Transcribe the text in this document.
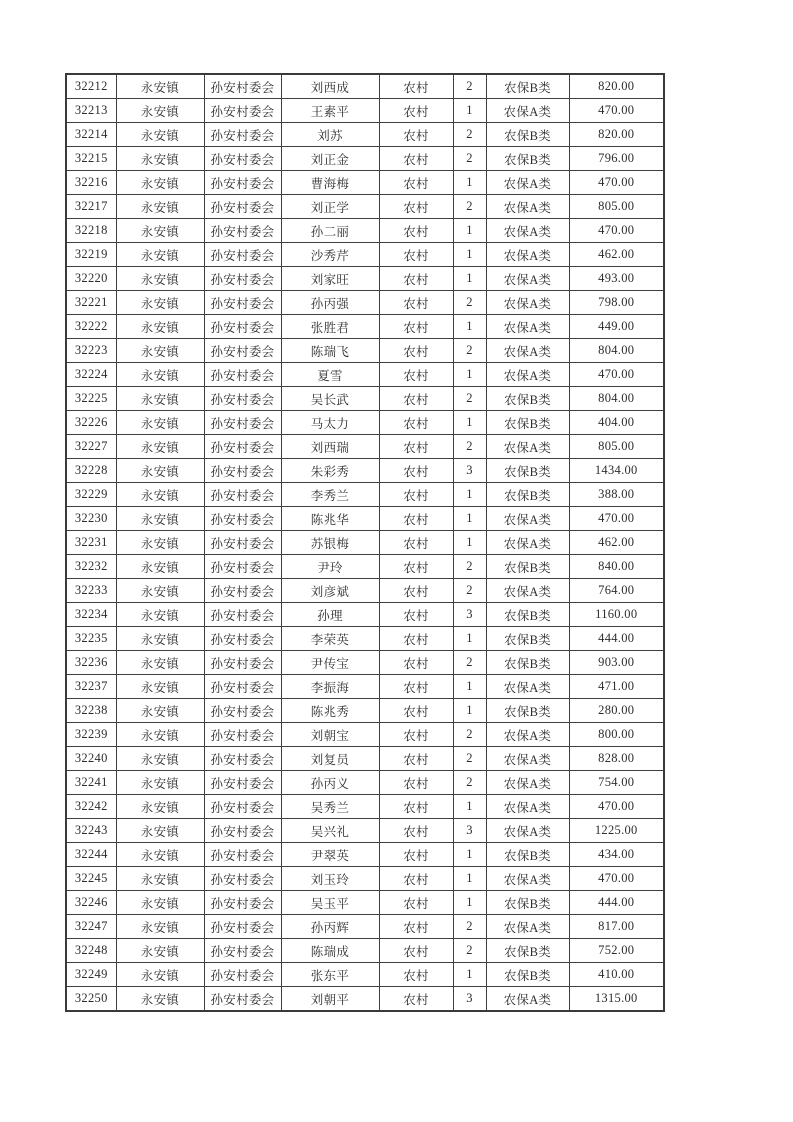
32212	永安镇	孙安村委会	刘西成	农村	2	农保B类	820.00
32213	永安镇	孙安村委会	王素平	农村	1	农保A类	470.00
32214	永安镇	孙安村委会	刘苏	农村	2	农保B类	820.00
32215	永安镇	孙安村委会	刘正金	农村	2	农保B类	796.00
32216	永安镇	孙安村委会	曹海梅	农村	1	农保A类	470.00
32217	永安镇	孙安村委会	刘正学	农村	2	农保A类	805.00
32218	永安镇	孙安村委会	孙二丽	农村	1	农保A类	470.00
32219	永安镇	孙安村委会	沙秀芹	农村	1	农保A类	462.00
32220	永安镇	孙安村委会	刘家旺	农村	1	农保A类	493.00
32221	永安镇	孙安村委会	孙丙强	农村	2	农保A类	798.00
32222	永安镇	孙安村委会	张胜君	农村	1	农保A类	449.00
32223	永安镇	孙安村委会	陈瑞飞	农村	2	农保A类	804.00
32224	永安镇	孙安村委会	夏雪	农村	1	农保A类	470.00
32225	永安镇	孙安村委会	吴长武	农村	2	农保B类	804.00
32226	永安镇	孙安村委会	马太力	农村	1	农保B类	404.00
32227	永安镇	孙安村委会	刘西瑞	农村	2	农保A类	805.00
32228	永安镇	孙安村委会	朱彩秀	农村	3	农保B类	1434.00
32229	永安镇	孙安村委会	李秀兰	农村	1	农保B类	388.00
32230	永安镇	孙安村委会	陈兆华	农村	1	农保A类	470.00
32231	永安镇	孙安村委会	苏银梅	农村	1	农保A类	462.00
32232	永安镇	孙安村委会	尹玲	农村	2	农保B类	840.00
32233	永安镇	孙安村委会	刘彦斌	农村	2	农保A类	764.00
32234	永安镇	孙安村委会	孙理	农村	3	农保B类	1160.00
32235	永安镇	孙安村委会	李荣英	农村	1	农保B类	444.00
32236	永安镇	孙安村委会	尹传宝	农村	2	农保B类	903.00
32237	永安镇	孙安村委会	李振海	农村	1	农保A类	471.00
32238	永安镇	孙安村委会	陈兆秀	农村	1	农保B类	280.00
32239	永安镇	孙安村委会	刘朝宝	农村	2	农保A类	800.00
32240	永安镇	孙安村委会	刘复员	农村	2	农保A类	828.00
32241	永安镇	孙安村委会	孙丙义	农村	2	农保A类	754.00
32242	永安镇	孙安村委会	吴秀兰	农村	1	农保A类	470.00
32243	永安镇	孙安村委会	吴兴礼	农村	3	农保A类	1225.00
32244	永安镇	孙安村委会	尹翠英	农村	1	农保B类	434.00
32245	永安镇	孙安村委会	刘玉玲	农村	1	农保A类	470.00
32246	永安镇	孙安村委会	吴玉平	农村	1	农保B类	444.00
32247	永安镇	孙安村委会	孙丙辉	农村	2	农保A类	817.00
32248	永安镇	孙安村委会	陈瑞成	农村	2	农保B类	752.00
32249	永安镇	孙安村委会	张东平	农村	1	农保B类	410.00
32250	永安镇	孙安村委会	刘朝平	农村	3	农保A类	1315.00
